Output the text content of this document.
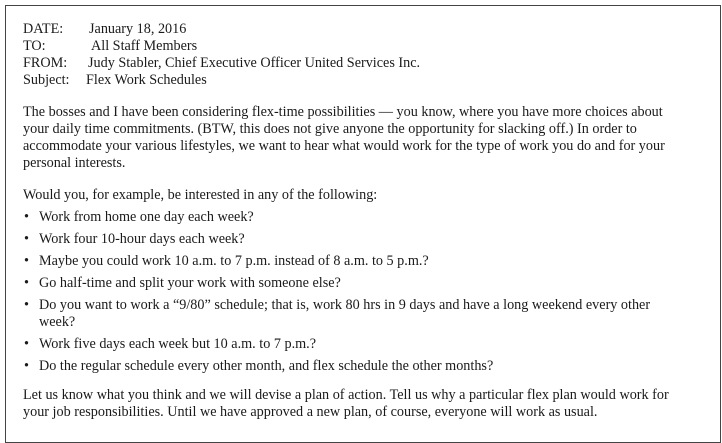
DATE:	January 18, 2016
TO:	All Staff Members
FROM:	Judy Stabler, Chief Executive Officer United Services Inc.
Subject:	Flex Work Schedules

The bosses and I have been considering flex-time possibilities — you know, where you have more choices about your daily time commitments. (BTW, this does not give anyone the opportunity for slacking off.) In order to accommodate your various lifestyles, we want to hear what would work for the type of work you do and for your personal interests.

Would you, for example, be interested in any of the following:

• Work from home one day each week?
• Work four 10-hour days each week?
• Maybe you could work 10 a.m. to 7 p.m. instead of 8 a.m. to 5 p.m.?
• Go half-time and split your work with someone else?
• Do you want to work a “9/80” schedule; that is, work 80 hrs in 9 days and have a long weekend every other week?
• Work five days each week but 10 a.m. to 7 p.m.?
• Do the regular schedule every other month, and flex schedule the other months?

Let us know what you think and we will devise a plan of action. Tell us why a particular flex plan would work for your job responsibilities. Until we have approved a new plan, of course, everyone will work as usual.
